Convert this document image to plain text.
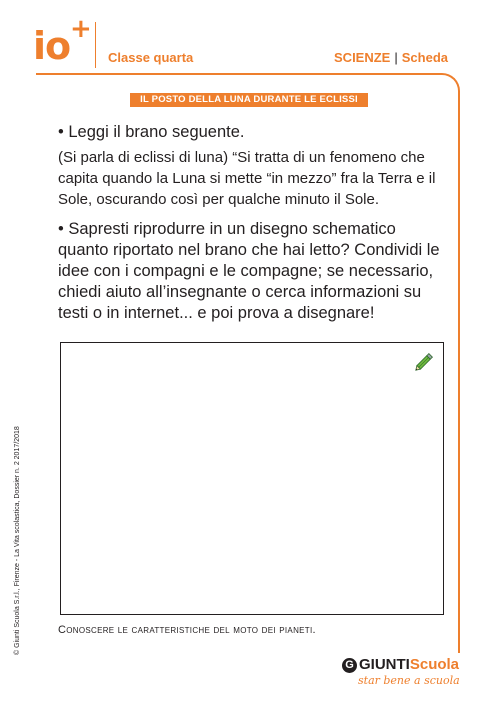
io +
Classe quarta	SCIENZE | Scheda
IL POSTO DELLA LUNA DURANTE LE ECLISSI
• Leggi il brano seguente.
(Si parla di eclissi di luna) “Si tratta di un fenomeno che capita quando la Luna si mette “in mezzo” fra la Terra e il Sole, oscurando così per qualche minuto il Sole.
• Sapresti riprodurre in un disegno schematico quanto riportato nel brano che hai letto? Condividi le idee con i compagni e le compagne; se necessario, chiedi aiuto all’insegnante o cerca informazioni su testi o in internet... e poi prova a disegnare!
Conoscere le caratteristiche del moto dei pianeti.
© Giunti Scuola S.r.l., Firenze - La Vita scolastica, Dossier n. 2 2017/2018
G GIUNTIScuola
star bene a scuola
